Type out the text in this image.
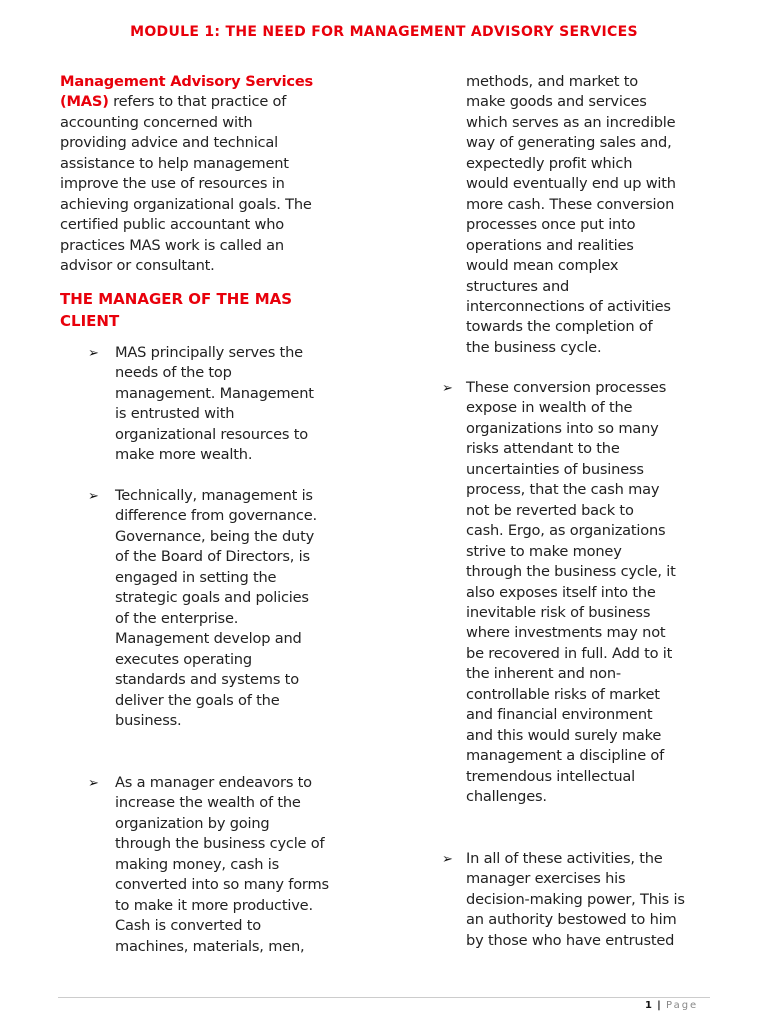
MODULE 1: THE NEED FOR MANAGEMENT ADVISORY SERVICES
Management Advisory Services
(MAS) refers to that practice of
accounting concerned with
providing advice and technical
assistance to help management
improve the use of resources in
achieving organizational goals. The
certified public accountant who
practices MAS work is called an
advisor or consultant.
THE MANAGER OF THE MAS
CLIENT
➢ MAS principally serves the
needs of the top
management. Management
is entrusted with
organizational resources to
make more wealth.
➢ Technically, management is
difference from governance.
Governance, being the duty
of the Board of Directors, is
engaged in setting the
strategic goals and policies
of the enterprise.
Management develop and
executes operating
standards and systems to
deliver the goals of the
business.
➢ As a manager endeavors to
increase the wealth of the
organization by going
through the business cycle of
making money, cash is
converted into so many forms
to make it more productive.
Cash is converted to
machines, materials, men,
methods, and market to
make goods and services
which serves as an incredible
way of generating sales and,
expectedly profit which
would eventually end up with
more cash. These conversion
processes once put into
operations and realities
would mean complex
structures and
interconnections of activities
towards the completion of
the business cycle.
➢ These conversion processes
expose in wealth of the
organizations into so many
risks attendant to the
uncertainties of business
process, that the cash may
not be reverted back to
cash. Ergo, as organizations
strive to make money
through the business cycle, it
also exposes itself into the
inevitable risk of business
where investments may not
be recovered in full. Add to it
the inherent and non-
controllable risks of market
and financial environment
and this would surely make
management a discipline of
tremendous intellectual
challenges.
➢ In all of these activities, the
manager exercises his
decision-making power, This is
an authority bestowed to him
by those who have entrusted
1 | Page
